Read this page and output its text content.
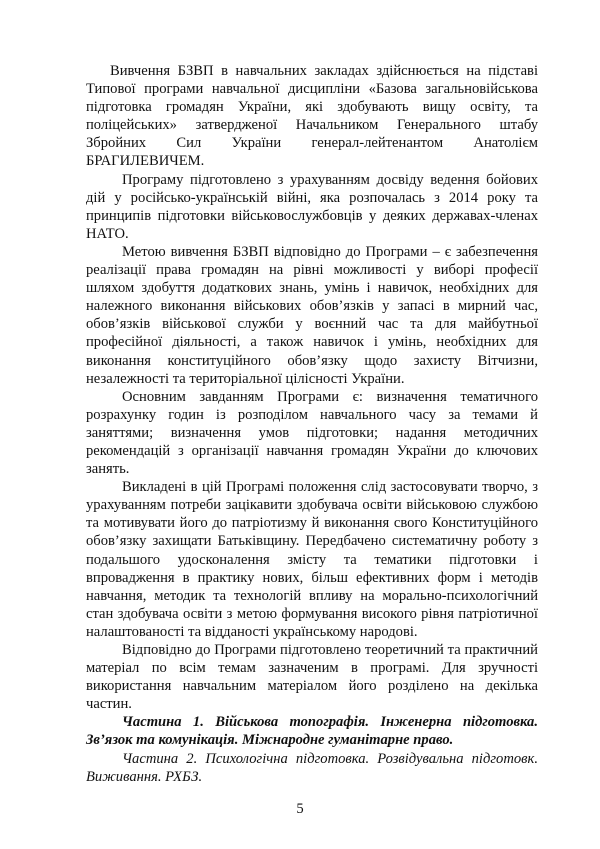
Вивчення БЗВП в навчальних закладах здійснюється на підставі Типової програми навчальної дисципліни «Базова загальновійськова підготовка громадян України, які здобувають вищу освіту, та поліцейських» затвердженої Начальником Генерального штабу Збройних Сил України генерал-лейтенантом Анатолієм БРАГИЛЕВИЧЕМ.

Програму підготовлено з урахуванням досвіду ведення бойових дій у російсько-українській війні, яка розпочалась з 2014 року та принципів підготовки військовослужбовців у деяких державах-членах НАТО.

Метою вивчення БЗВП відповідно до Програми – є забезпечення реалізації права громадян на рівні можливості у виборі професії шляхом здобуття додаткових знань, умінь і навичок, необхідних для належного виконання військових обов’язків у запасі в мирний час, обов’язків військової служби у воєнний час та для майбутньої професійної діяльності, а також навичок і умінь, необхідних для виконання конституційного обов’язку щодо захисту Вітчизни, незалежності та територіальної цілісності України.

Основним завданням Програми є: визначення тематичного розрахунку годин із розподілом навчального часу за темами й заняттями; визначення умов підготовки; надання методичних рекомендацій з організації навчання громадян України до ключових занять.

Викладені в цій Програмі положення слід застосовувати творчо, з урахуванням потреби зацікавити здобувача освіти військовою службою та мотивувати його до патріотизму й виконання свого Конституційного обов’язку захищати Батьківщину. Передбачено систематичну роботу з подальшого удосконалення змісту та тематики підготовки і впровадження в практику нових, більш ефективних форм і методів навчання, методик та технологій впливу на морально-психологічний стан здобувача освіти з метою формування високого рівня патріотичної налаштованості та відданості українському народові.

Відповідно до Програми підготовлено теоретичний та практичний матеріал по всім темам зазначеним в програмі. Для зручності використання навчальним матеріалом його розділено на декілька частин.

Частина 1. Військова топографія. Інженерна підготовка. Зв’язок та комунікація. Міжнародне гуманітарне право.

Частина 2. Психологічна підготовка. Розвідувальна підготовк. Виживання. РХБЗ.

5
